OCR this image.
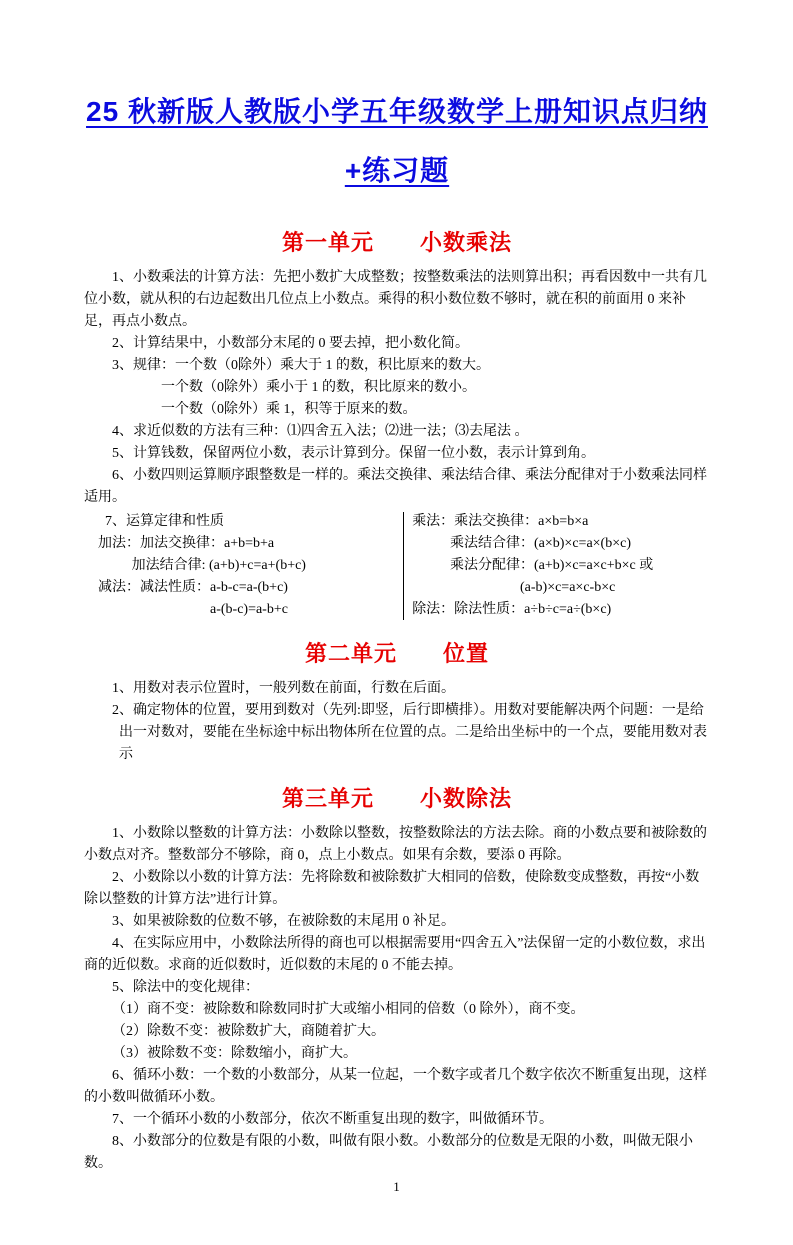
25 秋新版人教版小学五年级数学上册知识点归纳
+练习题
第一单元　　小数乘法

1、小数乘法的计算方法：先把小数扩大成整数；按整数乘法的法则算出积；再看因数中一共有几位小数，就从积的右边起数出几位点上小数点。乘得的积小数位数不够时，就在积的前面用 0 来补足，再点小数点。

2、计算结果中，小数部分末尾的 0 要去掉，把小数化简。

3、规律：一个数（0除外）乘大于 1 的数，积比原来的数大。

一个数（0除外）乘小于 1 的数，积比原来的数小。

一个数（0除外）乘 1，积等于原来的数。

4、求近似数的方法有三种：⑴四舍五入法；⑵进一法；⑶去尾法 。

5、计算钱数，保留两位小数，表示计算到分。保留一位小数，表示计算到角。

6、小数四则运算顺序跟整数是一样的。乘法交换律、乘法结合律、乘法分配律对于小数乘法同样适用。

7、运算定律和性质

加法：加法交换律：a+b=b+a

加法结合律: (a+b)+c=a+(b+c)

减法：减法性质：a-b-c=a-(b+c)

a-(b-c)=a-b+c

乘法：乘法交换律：a×b=b×a

乘法结合律：(a×b)×c=a×(b×c)

乘法分配律：(a+b)×c=a×c+b×c 或

(a-b)×c=a×c-b×c

除法：除法性质：a÷b÷c=a÷(b×c)

第二单元　　位置

1、用数对表示位置时，一般列数在前面，行数在后面。

2、确定物体的位置，要用到数对（先列:即竖，后行即横排）。用数对要能解决两个问题：一是给出一对数对，要能在坐标途中标出物体所在位置的点。二是给出坐标中的一个点，要能用数对表示

第三单元　　小数除法

1、小数除以整数的计算方法：小数除以整数，按整数除法的方法去除。商的小数点要和被除数的小数点对齐。整数部分不够除，商 0，点上小数点。如果有余数，要添 0 再除。

2、小数除以小数的计算方法：先将除数和被除数扩大相同的倍数，使除数变成整数，再按“小数除以整数的计算方法”进行计算。

3、如果被除数的位数不够，在被除数的末尾用 0 补足。

4、在实际应用中，小数除法所得的商也可以根据需要用“四舍五入”法保留一定的小数位数，求出商的近似数。求商的近似数时，近似数的末尾的 0 不能去掉。

5、除法中的变化规律：

（1）商不变：被除数和除数同时扩大或缩小相同的倍数（0 除外），商不变。

（2）除数不变：被除数扩大，商随着扩大。

（3）被除数不变：除数缩小，商扩大。

6、循环小数：一个数的小数部分，从某一位起，一个数字或者几个数字依次不断重复出现，这样的小数叫做循环小数。

7、一个循环小数的小数部分，依次不断重复出现的数字，叫做循环节。

8、小数部分的位数是有限的小数，叫做有限小数。小数部分的位数是无限的小数，叫做无限小数。

1
